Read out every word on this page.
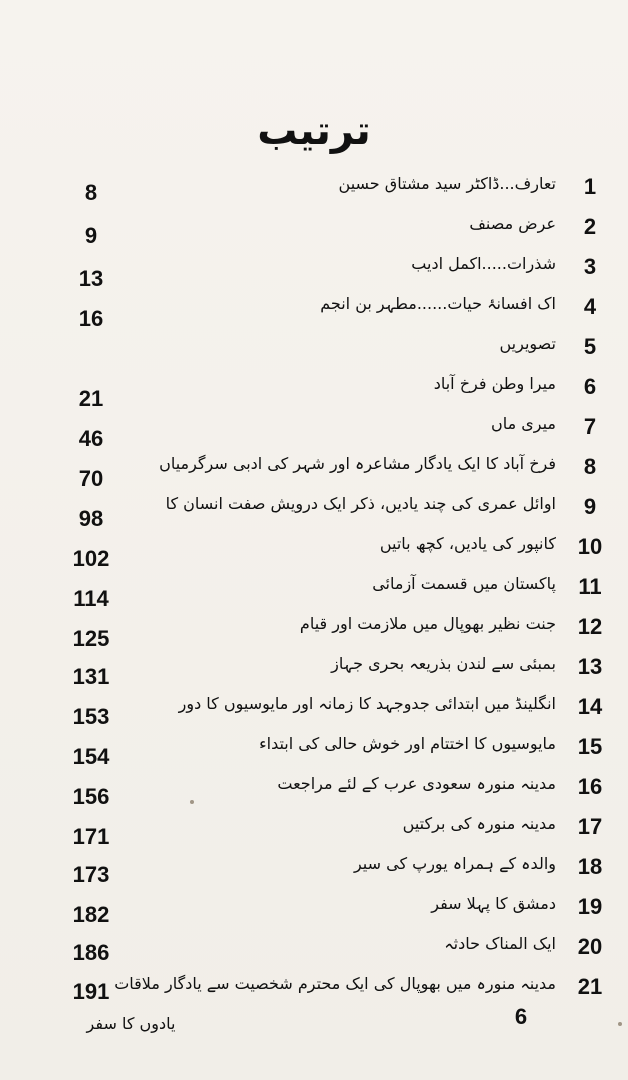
ترتیب
1
تعارف...ڈاکٹر سید مشتاق حسین
8
2
عرض مصنف
9
3
شذرات.....اکمل ادیب
13
4
اک افسانۂ حیات......مطہر بن انجم
16
5
تصویریں
6
میرا وطن فرخ آباد
21
7
میری ماں
46
8
فرخ آباد کا ایک یادگار مشاعرہ اور شہر کی ادبی سرگرمیاں
70
9
اوائل عمری کی چند یادیں، ذکر ایک درویش صفت انسان کا
98
10
کانپور کی یادیں، کچھ باتیں
102
11
پاکستان میں قسمت آزمائی
114
12
جنت نظیر بھوپال میں ملازمت اور قیام
125
13
بمبئی سے لندن بذریعہ بحری جہاز
131
14
انگلینڈ میں ابتدائی جدوجہد کا زمانہ اور مایوسیوں کا دور
153
15
مایوسیوں کا اختتام اور خوش حالی کی ابتداء
154
16
مدینہ منورہ سعودی عرب کے لئے مراجعت
156
17
مدینہ منورہ کی برکتیں
171
18
والدہ کے ہمراہ یورپ کی سیر
173
19
دمشق کا پہلا سفر
182
20
ایک المناک حادثہ
186
21
مدینہ منورہ میں بھوپال کی ایک محترم شخصیت سے یادگار ملاقات
191
6
یادوں کا سفر
